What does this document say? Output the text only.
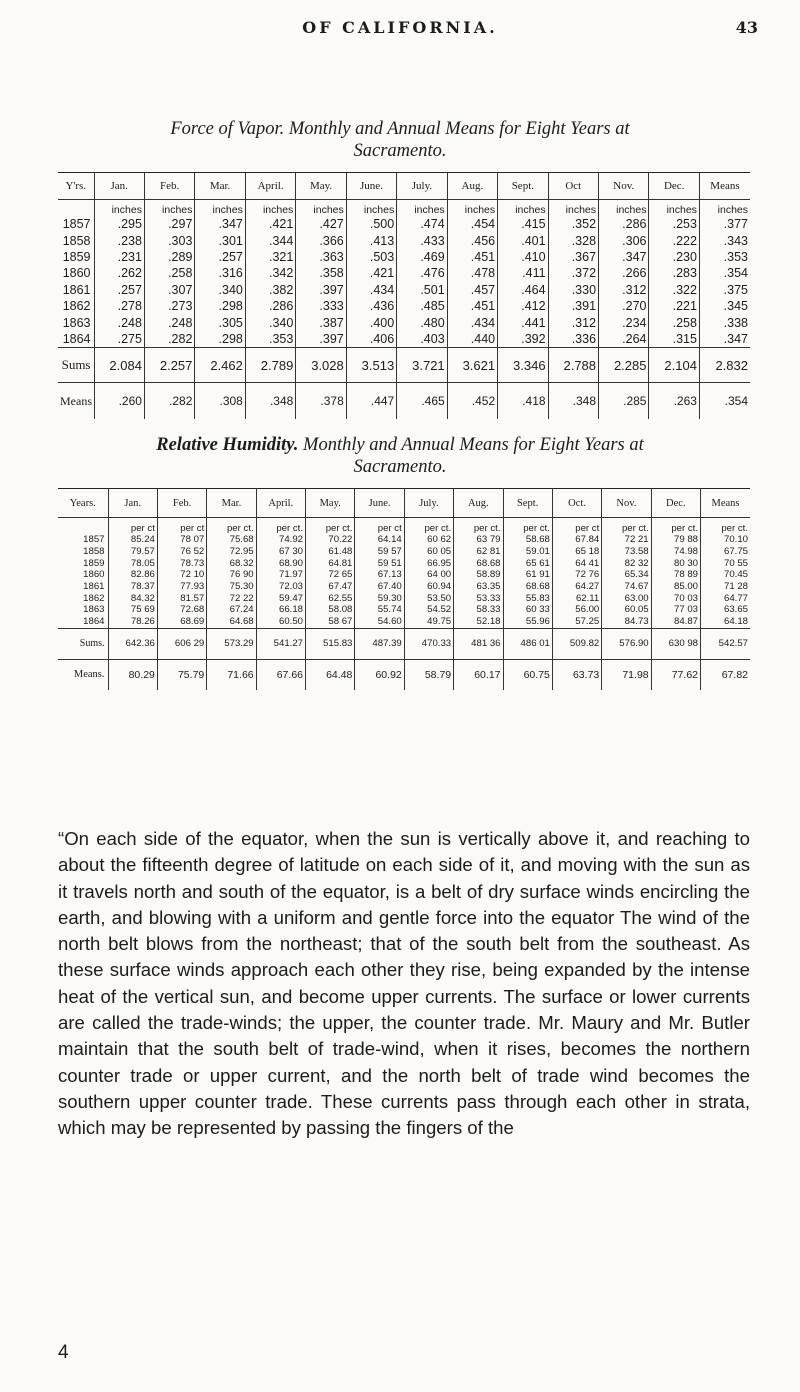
OF CALIFORNIA.	43
Force of Vapor. Monthly and Annual Means for Eight Years at
Sacramento.
Y'rs.	Jan.	Feb.	Mar.	April.	May.	June.	July.	Aug.	Sept.	Oct	Nov.	Dec.	Means
	inches	inches	inches	inches	inches	inches	inches	inches	inches	inches	inches	inches	inches
1857	.295	.297	.347	.421	.427	.500	.474	.454	.415	.352	.286	.253	.377
1858	.238	.303	.301	.344	.366	.413	.433	.456	.401	.328	.306	.222	.343
1859	.231	.289	.257	.321	.363	.503	.469	.451	.410	.367	.347	.230	.353
1860	.262	.258	.316	.342	.358	.421	.476	.478	.411	.372	.266	.283	.354
1861	.257	.307	.340	.382	.397	.434	.501	.457	.464	.330	.312	.322	.375
1862	.278	.273	.298	.286	.333	.436	.485	.451	.412	.391	.270	.221	.345
1863	.248	.248	.305	.340	.387	.400	.480	.434	.441	.312	.234	.258	.338
1864	.275	.282	.298	.353	.397	.406	.403	.440	.392	.336	.264	.315	.347
Sums	2.084	2.257	2.462	2.789	3.028	3.513	3.721	3.621	3.346	2.788	2.285	2.104	2.832
Means	.260	.282	.308	.348	.378	.447	.465	.452	.418	.348	.285	.263	.354
Relative Humidity. Monthly and Annual Means for Eight Years at
Sacramento.
Years.	Jan.	Feb.	Mar.	April.	May.	June.	July.	Aug.	Sept.	Oct.	Nov.	Dec.	Means
	per ct	per ct	per ct.	per ct.	per ct.	per ct	per ct.	per ct.	per ct.	per ct	per ct.	per ct.	per ct.
1857	85.24	78 07	75.68	74.92	70.22	64.14	60 62	63 79	58.68	67.84	72 21	79 88	70.10
1858	79.57	76 52	72.95	67 30	61.48	59 57	60 05	62 81	59.01	65 18	73.58	74.98	67.75
1859	78.05	78.73	68.32	68.90	64.81	59 51	66.95	68.68	65 61	64 41	82 32	80 30	70 55
1860	82.86	72 10	76 90	71.97	72 65	67.13	64 00	58.89	61 91	72 76	65.34	78 89	70.45
1861	78.37	77.93	75.30	72.03	67.47	67.40	60.94	63.35	68.68	64.27	74.67	85.00	71 28
1862	84.32	81.57	72 22	59.47	62.55	59.30	53.50	53.33	55.83	62.11	63.00	70 03	64.77
1863	75 69	72.68	67.24	66.18	58.08	55.74	54.52	58.33	60 33	56.00	60.05	77 03	63.65
1864	78.26	68.69	64.68	60.50	58 67	54.60	49.75	52.18	55.96	57.25	84.73	84.87	64.18
Sums.	642.36	606 29	573.29	541.27	515.83	487.39	470.33	481 36	486 01	509.82	576.90	630 98	542.57
Means.	80.29	75.79	71.66	67.66	64.48	60.92	58.79	60.17	60.75	63.73	71.98	77.62	67.82

“On each side of the equator, when the sun is vertically above it, and reaching to about the fifteenth degree of latitude on each side of it, and moving with the sun as it travels north and south of the equator, is a belt of dry surface winds encircling the earth, and blowing with a uniform and gentle force into the equator The wind of the north belt blows from the northeast; that of the south belt from the southeast. As these surface winds approach each other they rise, being expanded by the intense heat of the vertical sun, and become upper currents. The surface or lower currents are called the trade-winds; the upper, the counter trade. Mr. Maury and Mr. Butler maintain that the south belt of trade-wind, when it rises, becomes the northern counter trade or upper current, and the north belt of trade wind becomes the southern upper counter trade. These currents pass through each other in strata, which may be represented by passing the fingers of the

4
